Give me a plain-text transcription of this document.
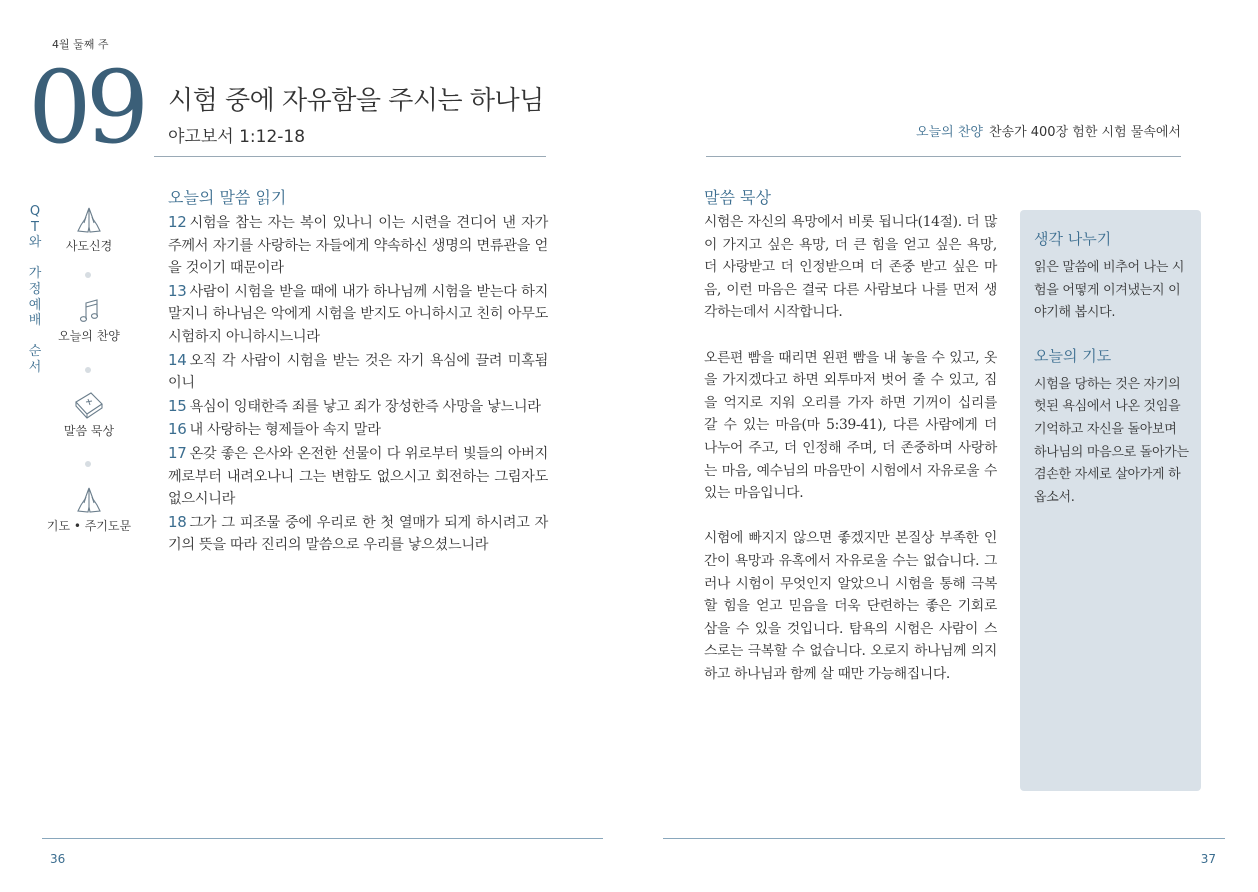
4월 둘째 주
09 시험 중에 자유함을 주시는 하나님
야고보서 1:12-18
Q
T
와

가
정
예
배

순
서
사도신경
오늘의 찬양
말씀 묵상
기도 • 주기도문
오늘의 말씀 읽기

12 시험을 참는 자는 복이 있나니 이는 시련을 견디어 낸 자가 주께서 자기를 사랑하는 자들에게 약속하신 생명의 면류관을 얻을 것이기 때문이라

13 사람이 시험을 받을 때에 내가 하나님께 시험을 받는다 하지 말지니 하나님은 악에게 시험을 받지도 아니하시고 친히 아무도 시험하지 아니하시느니라

14 오직 각 사람이 시험을 받는 것은 자기 욕심에 끌려 미혹됨이니

15 욕심이 잉태한즉 죄를 낳고 죄가 장성한즉 사망을 낳느니라

16 내 사랑하는 형제들아 속지 말라

17 온갖 좋은 은사와 온전한 선물이 다 위로부터 빛들의 아버지께로부터 내려오나니 그는 변함도 없으시고 회전하는 그림자도 없으시니라

18 그가 그 피조물 중에 우리로 한 첫 열매가 되게 하시려고 자기의 뜻을 따라 진리의 말씀으로 우리를 낳으셨느니라

36
오늘의 찬양 찬송가 400장 험한 시험 물속에서
말씀 묵상

시험은 자신의 욕망에서 비롯 됩니다(14절). 더 많이 가지고 싶은 욕망, 더 큰 힘을 얻고 싶은 욕망, 더 사랑받고 더 인정받으며 더 존중 받고 싶은 마음, 이런 마음은 결국 다른 사람보다 나를 먼저 생각하는데서 시작합니다.

오른편 빰을 때리면 왼편 빰을 내 놓을 수 있고, 옷을 가지겠다고 하면 외투마저 벗어 줄 수 있고, 짐을 억지로 지워 오리를 가자 하면 기꺼이 십리를 갈 수 있는 마음(마 5:39-41), 다른 사람에게 더 나누어 주고, 더 인정해 주며, 더 존중하며 사랑하는 마음, 예수님의 마음만이 시험에서 자유로울 수 있는 마음입니다.

시험에 빠지지 않으면 좋겠지만 본질상 부족한 인간이 욕망과 유혹에서 자유로울 수는 없습니다. 그러나 시험이 무엇인지 알았으니 시험을 통해 극복할 힘을 얻고 믿음을 더욱 단련하는 좋은 기회로 삼을 수 있을 것입니다. 탐욕의 시험은 사람이 스스로는 극복할 수 없습니다. 오로지 하나님께 의지하고 하나님과 함께 살 때만 가능해집니다.

생각 나누기
읽은 말씀에 비추어 나는 시험을 어떻게 이겨냈는지 이야기해 봅시다.
오늘의 기도
시험을 당하는 것은 자기의 헛된 욕심에서 나온 것임을 기억하고 자신을 돌아보며 하나님의 마음으로 돌아가는 겸손한 자세로 살아가게 하옵소서.
37
